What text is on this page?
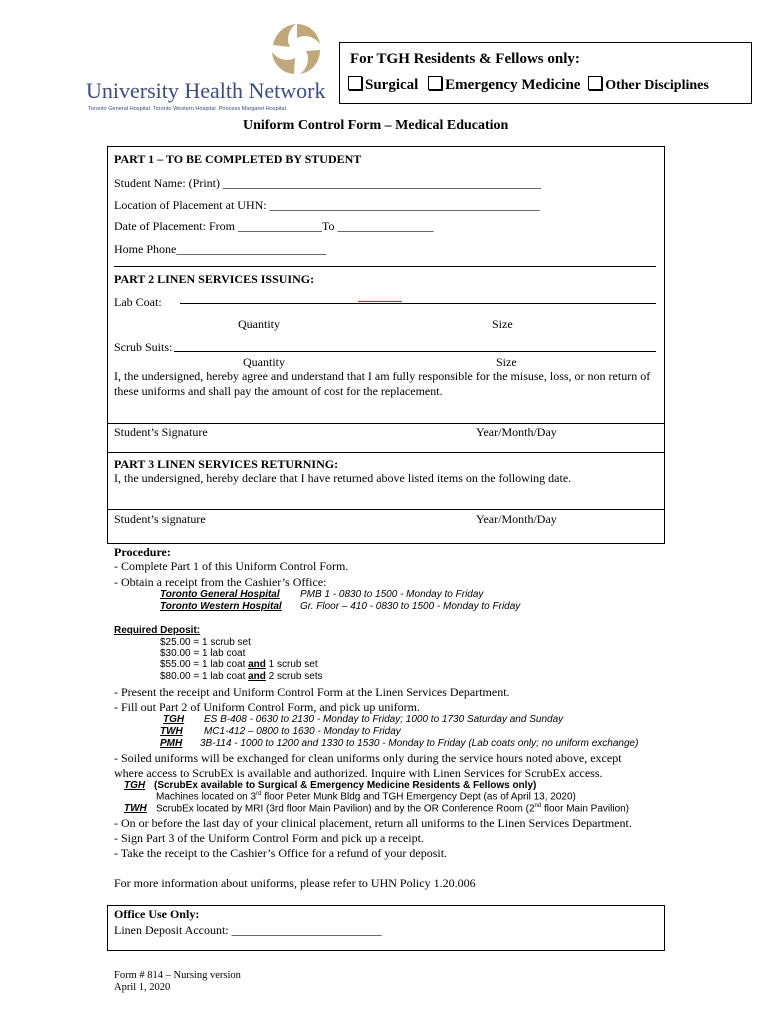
University Health Network
Toronto General Hospital  Toronto Western Hospital  Princess Margaret Hospital
For TGH Residents & Fellows only:
Surgical Emergency Medicine Other Disciplines
Uniform Control Form – Medical Education
PART 1 – TO BE COMPLETED BY STUDENT
Student Name: (Print) _____________________________________________________
Location of Placement at UHN: _____________________________________________
Date of Placement: From ______________To ________________
Home Phone_________________________
PART 2 LINEN SERVICES ISSUING:
Lab Coat:
Quantity	Size
Scrub Suits:
Quantity	Size
I, the undersigned, hereby agree and understand that I am fully responsible for the misuse, loss, or non return of these uniforms and shall pay the amount of cost for the replacement.
Student’s Signature	Year/Month/Day
PART 3 LINEN SERVICES RETURNING:
I, the undersigned, hereby declare that I have returned above listed items on the following date.
Student’s signature	Year/Month/Day
Procedure:
- Complete Part 1 of this Uniform Control Form.
- Obtain a receipt from the Cashier’s Office:
Toronto General Hospital PMB 1 - 0830 to 1500 - Monday to Friday
Toronto Western Hospital Gr. Floor – 410 - 0830 to 1500 - Monday to Friday
Required Deposit:
$25.00 = 1 scrub set
$30.00 = 1 lab coat
$55.00 = 1 lab coat and 1 scrub set
$80.00 = 1 lab coat and 2 scrub sets
- Present the receipt and Uniform Control Form at the Linen Services Department.
- Fill out Part 2 of Uniform Control Form, and pick up uniform.
TGH ES B-408 - 0630 to 2130 - Monday to Friday; 1000 to 1730 Saturday and Sunday
TWH MC1-412 – 0800 to 1630 - Monday to Friday
PMH 3B-114 - 1000 to 1200 and 1330 to 1530 - Monday to Friday (Lab coats only; no uniform exchange)
- Soiled uniforms will be exchanged for clean uniforms only during the service hours noted above, except
where access to ScrubEx is available and authorized. Inquire with Linen Services for ScrubEx access.
TGH (ScrubEx available to Surgical & Emergency Medicine Residents & Fellows only)
Machines located on 3rd floor Peter Munk Bldg and TGH Emergency Dept (as of April 13, 2020)
TWH ScrubEx located by MRI (3rd floor Main Pavilion) and by the OR Conference Room (2nd floor Main Pavilion)
- On or before the last day of your clinical placement, return all uniforms to the Linen Services Department.
- Sign Part 3 of the Uniform Control Form and pick up a receipt.
- Take the receipt to the Cashier’s Office for a refund of your deposit.
For more information about uniforms, please refer to UHN Policy 1.20.006
Office Use Only:
Linen Deposit Account: _________________________
Form # 814 – Nursing version
April 1, 2020
